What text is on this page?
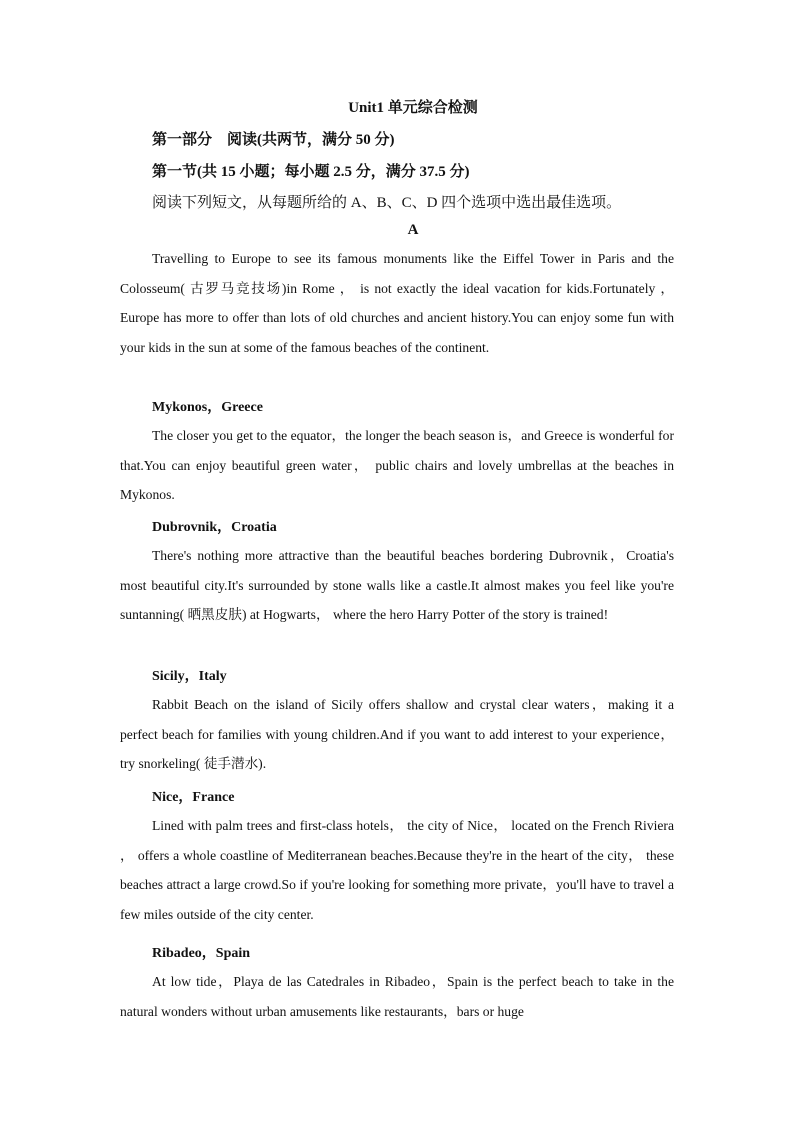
Unit1 单元综合检测
第一部分　阅读(共两节，满分 50 分)
第一节(共 15 小题；每小题 2.5 分，满分 37.5 分)
阅读下列短文，从每题所给的 A、B、C、D 四个选项中选出最佳选项。
A
Travelling to Europe to see its famous monuments like the Eiffel Tower in Paris and the Colosseum( 古罗马竞技场)in Rome ， is not exactly the ideal vacation for kids.Fortunately ， Europe has more to offer than lots of old churches and ancient history.You can enjoy some fun with your kids in the sun at some of the famous beaches of the continent.
Mykonos，Greece
The closer you get to the equator，the longer the beach season is，and Greece is wonderful for that.You can enjoy beautiful green water， public chairs and lovely umbrellas at the beaches in Mykonos.
Dubrovnik，Croatia
There's nothing more attractive than the beautiful beaches bordering Dubrovnik，Croatia's most beautiful city.It's surrounded by stone walls like a castle.It almost makes you feel like you're suntanning( 晒黑皮肤) at Hogwarts， where the hero Harry Potter of the story is trained!
Sicily，Italy
Rabbit Beach on the island of Sicily offers shallow and crystal clear waters，making it a perfect beach for families with young children.And if you want to add interest to your experience，try snorkeling( 徒手潜水).
Nice，France
Lined with palm trees and first-class hotels， the city of Nice， located on the French Riviera ， offers a whole coastline of Mediterranean beaches.Because they're in the heart of the city， these beaches attract a large crowd.So if you're looking for something more private，you'll have to travel a few miles outside of the city center.
Ribadeo，Spain
At low tide，Playa de las Catedrales in Ribadeo，Spain is the perfect beach to take in the natural wonders without urban amusements like restaurants，bars or huge
